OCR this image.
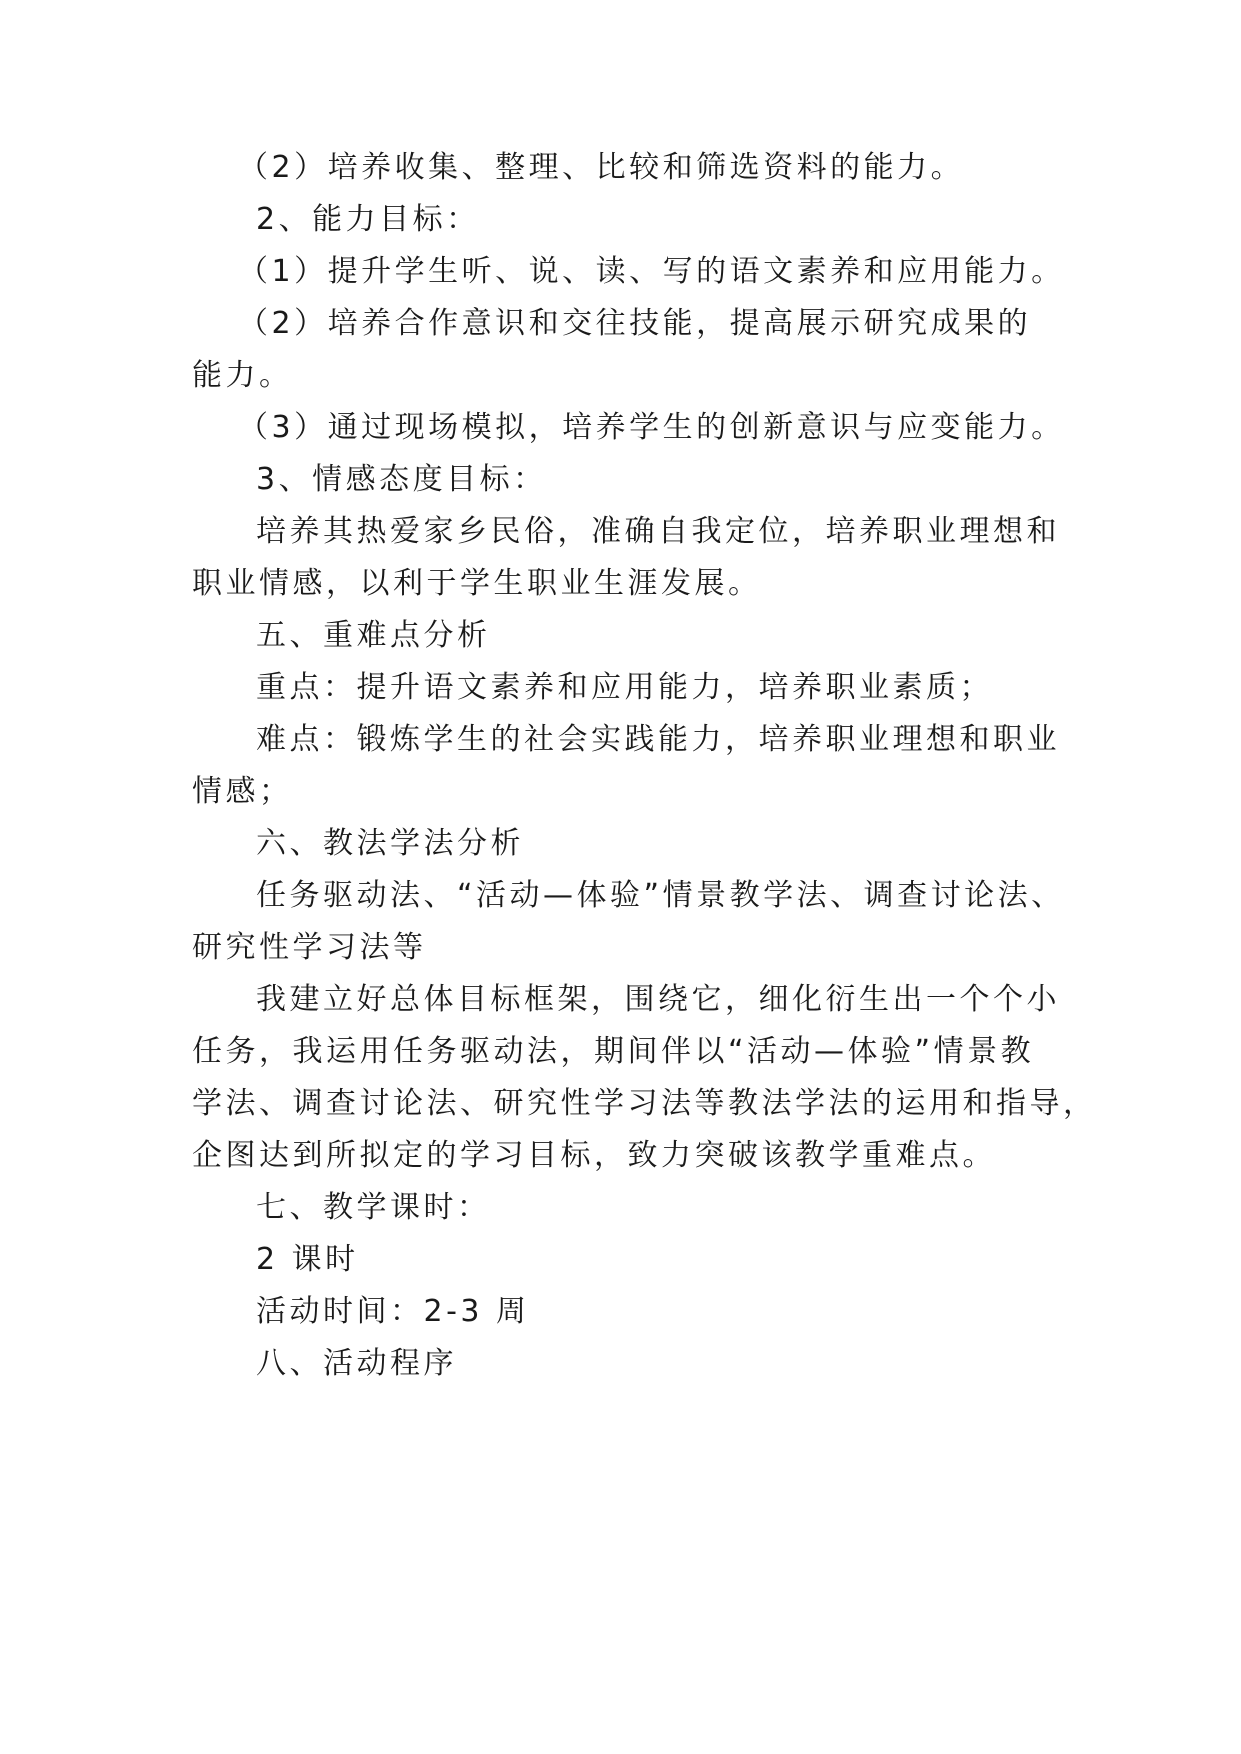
（2）培养收集、整理、比较和筛选资料的能力。
2、能力目标：
（1）提升学生听、说、读、写的语文素养和应用能力。
（2）培养合作意识和交往技能，提高展示研究成果的
能力。
（3）通过现场模拟，培养学生的创新意识与应变能力。
3、情感态度目标：
培养其热爱家乡民俗，准确自我定位，培养职业理想和
职业情感，以利于学生职业生涯发展。
五、重难点分析
重点：提升语文素养和应用能力，培养职业素质；
难点：锻炼学生的社会实践能力，培养职业理想和职业
情感；
六、教法学法分析
任务驱动法、“活动—体验”情景教学法、调查讨论法、
研究性学习法等
我建立好总体目标框架，围绕它，细化衍生出一个个小
任务，我运用任务驱动法，期间伴以“活动—体验”情景教
学法、调查讨论法、研究性学习法等教法学法的运用和指导，
企图达到所拟定的学习目标，致力突破该教学重难点。
七、教学课时：
2 课时
活动时间：2-3 周
八、活动程序
